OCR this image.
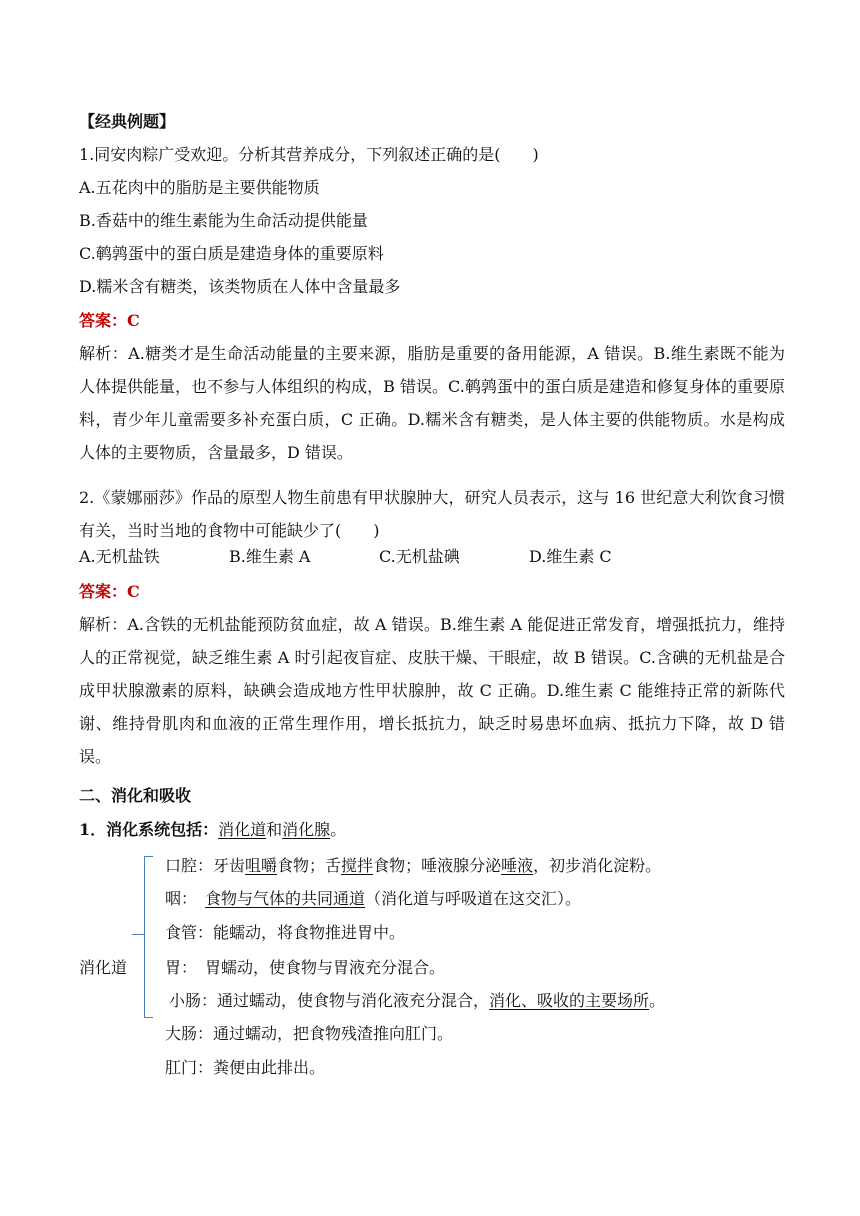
【经典例题】
1.同安肉粽广受欢迎。分析其营养成分，下列叙述正确的是(　　)
A.五花肉中的脂肪是主要供能物质
B.香菇中的维生素能为生命活动提供能量
C.鹌鹑蛋中的蛋白质是建造身体的重要原料
D.糯米含有糖类，该类物质在人体中含量最多
答案：C
解析：A.糖类才是生命活动能量的主要来源，脂肪是重要的备用能源，A 错误。B.维生素既不能为人体提供能量，也不参与人体组织的构成，B 错误。C.鹌鹑蛋中的蛋白质是建造和修复身体的重要原料，青少年儿童需要多补充蛋白质，C 正确。D.糯米含有糖类，是人体主要的供能物质。水是构成人体的主要物质，含量最多，D 错误。
2.《蒙娜丽莎》作品的原型人物生前患有甲状腺肿大，研究人员表示，这与 16 世纪意大利饮食习惯有关，当时当地的食物中可能缺少了(　　)
A.无机盐铁	B.维生素 A	C.无机盐碘	D.维生素 C
答案：C
解析：A.含铁的无机盐能预防贫血症，故 A 错误。B.维生素 A 能促进正常发育，增强抵抗力，维持人的正常视觉，缺乏维生素 A 时引起夜盲症、皮肤干燥、干眼症，故 B 错误。C.含碘的无机盐是合成甲状腺激素的原料，缺碘会造成地方性甲状腺肿，故 C 正确。D.维生素 C 能维持正常的新陈代谢、维持骨肌肉和血液的正常生理作用，增长抵抗力，缺乏时易患坏血病、抵抗力下降，故 D 错误。
二、消化和吸收
1．消化系统包括：消化道和消化腺。
消化道
口腔：牙齿咀嚼食物；舌搅拌食物；唾液腺分泌唾液，初步消化淀粉。
咽：　食物与气体的共同通道（消化道与呼吸道在这交汇）。
食管：能蠕动，将食物推进胃中。
胃：　胃蠕动，使食物与胃液充分混合。
小肠：通过蠕动，使食物与消化液充分混合，消化、吸收的主要场所。
大肠：通过蠕动，把食物残渣推向肛门。
肛门：粪便由此排出。
